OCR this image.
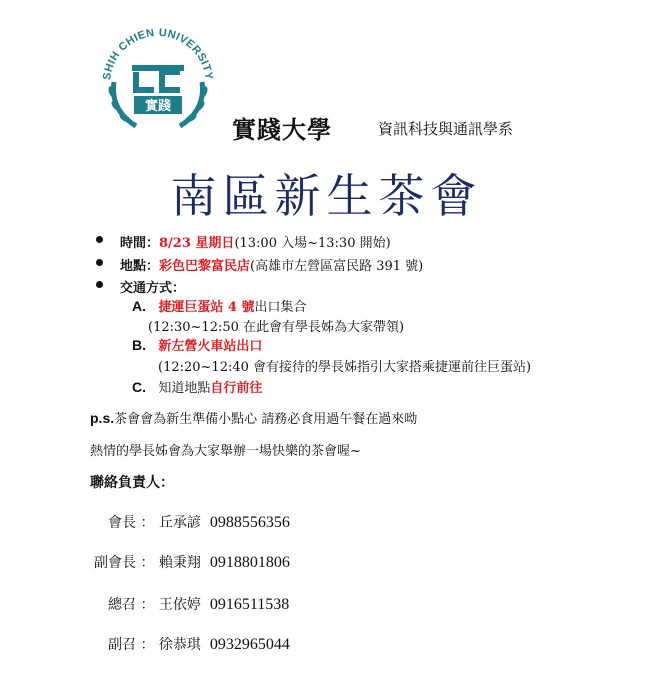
SHIH CHIEN UNIVERSITY
實踐
實踐大學	資訊科技與通訊學系
南區新生茶會
時間：8/23 星期日(13:00 入場~13:30 開始)
地點：彩色巴黎富民店(高雄市左營區富民路 391 號)
交通方式：
A. 捷運巨蛋站 4 號出口集合
(12:30~12:50 在此會有學長姊為大家帶領)
B. 新左營火車站出口
(12:20~12:40 會有接待的學長姊指引大家搭乘捷運前往巨蛋站)
C. 知道地點自行前往
p.s.茶會會為新生準備小點心 請務必食用過午餐在過來呦
熱情的學長姊會為大家舉辦一場快樂的茶會喔~
聯絡負責人：
會長 ： 丘承諺 0988556356
副會長 ： 賴秉翔 0918801806
總召 ： 王依婷 0916511538
副召 ： 徐恭琪 0932965044
